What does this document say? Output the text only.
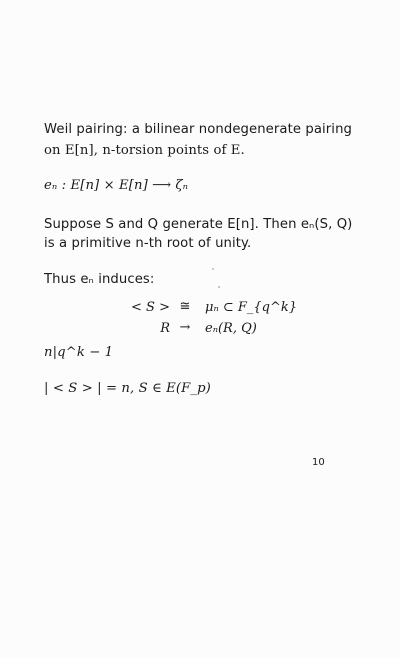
Weil pairing: a bilinear nondegenerate pairing
on E[n], n-torsion points of E.
eₙ : E[n] × E[n] ⟶ ζₙ
Suppose S and Q generate E[n]. Then eₙ(S, Q)
is a primitive n-th root of unity.
Thus eₙ induces:
< S > ≅	μₙ ⊂ F_{q^k}
R →	eₙ(R, Q)
n|q^k − 1
| < S > | = n, S ∈ E(F_p)
10
